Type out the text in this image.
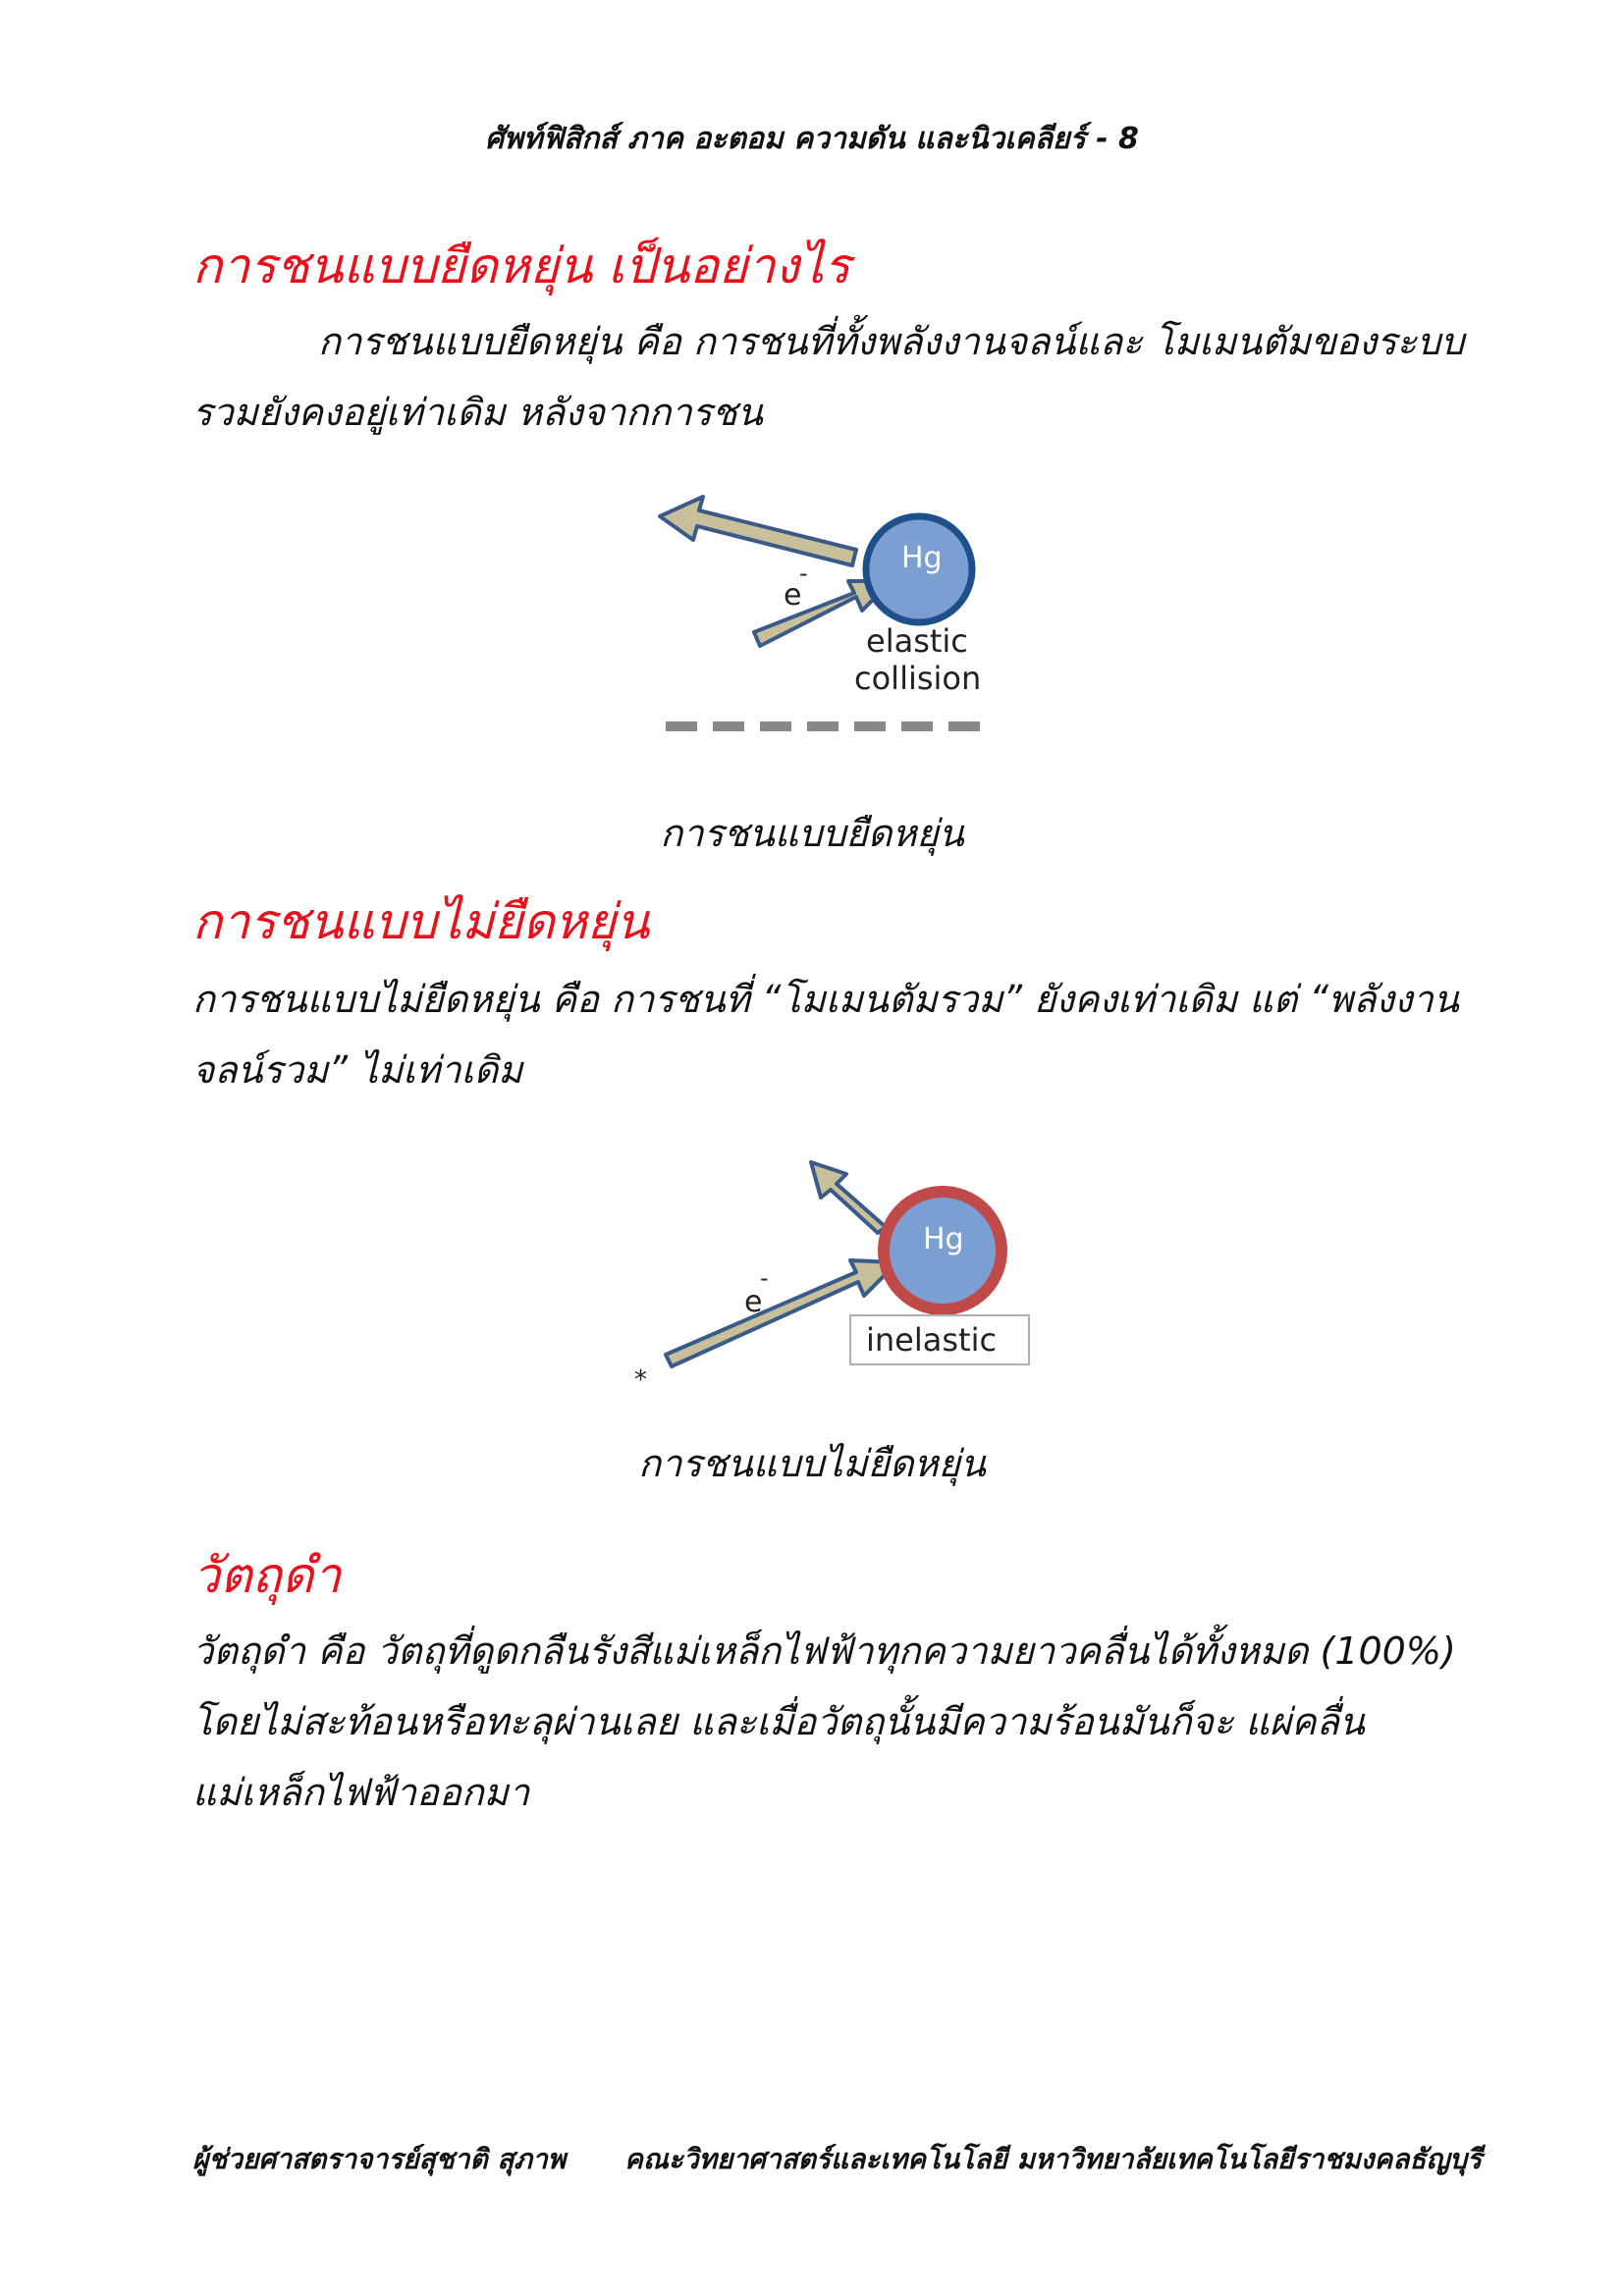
ศัพท์ฟิสิกส์ ภาค อะตอม ความดัน และนิวเคลียร์ - 8
การชนแบบยืดหยุ่น เป็นอย่างไร
การชนแบบยืดหยุ่น คือ การชนที่ทั้งพลังงานจลน์และ โมเมนตัมของระบบ
รวมยังคงอยู่เท่าเดิม หลังจากการชน
Hg
e
-
elastic
collision
การชนแบบยืดหยุ่น
การชนแบบไม่ยืดหยุ่น
การชนแบบไม่ยืดหยุ่น คือ การชนที่ “โมเมนตัมรวม” ยังคงเท่าเดิม แต่ “พลังงาน
จลน์รวม” ไม่เท่าเดิม
Hg
e
-
inelastic
*
การชนแบบไม่ยืดหยุ่น
วัตถุดำ
วัตถุดำ คือ วัตถุที่ดูดกลืนรังสีแม่เหล็กไฟฟ้าทุกความยาวคลื่นได้ทั้งหมด (100%)
โดยไม่สะท้อนหรือทะลุผ่านเลย และเมื่อวัตถุนั้นมีความร้อนมันก็จะ แผ่คลื่น
แม่เหล็กไฟฟ้าออกมา
ผู้ช่วยศาสตราจารย์สุชาติ สุภาพ คณะวิทยาศาสตร์และเทคโนโลยี มหาวิทยาลัยเทคโนโลยีราชมงคลธัญบุรี
